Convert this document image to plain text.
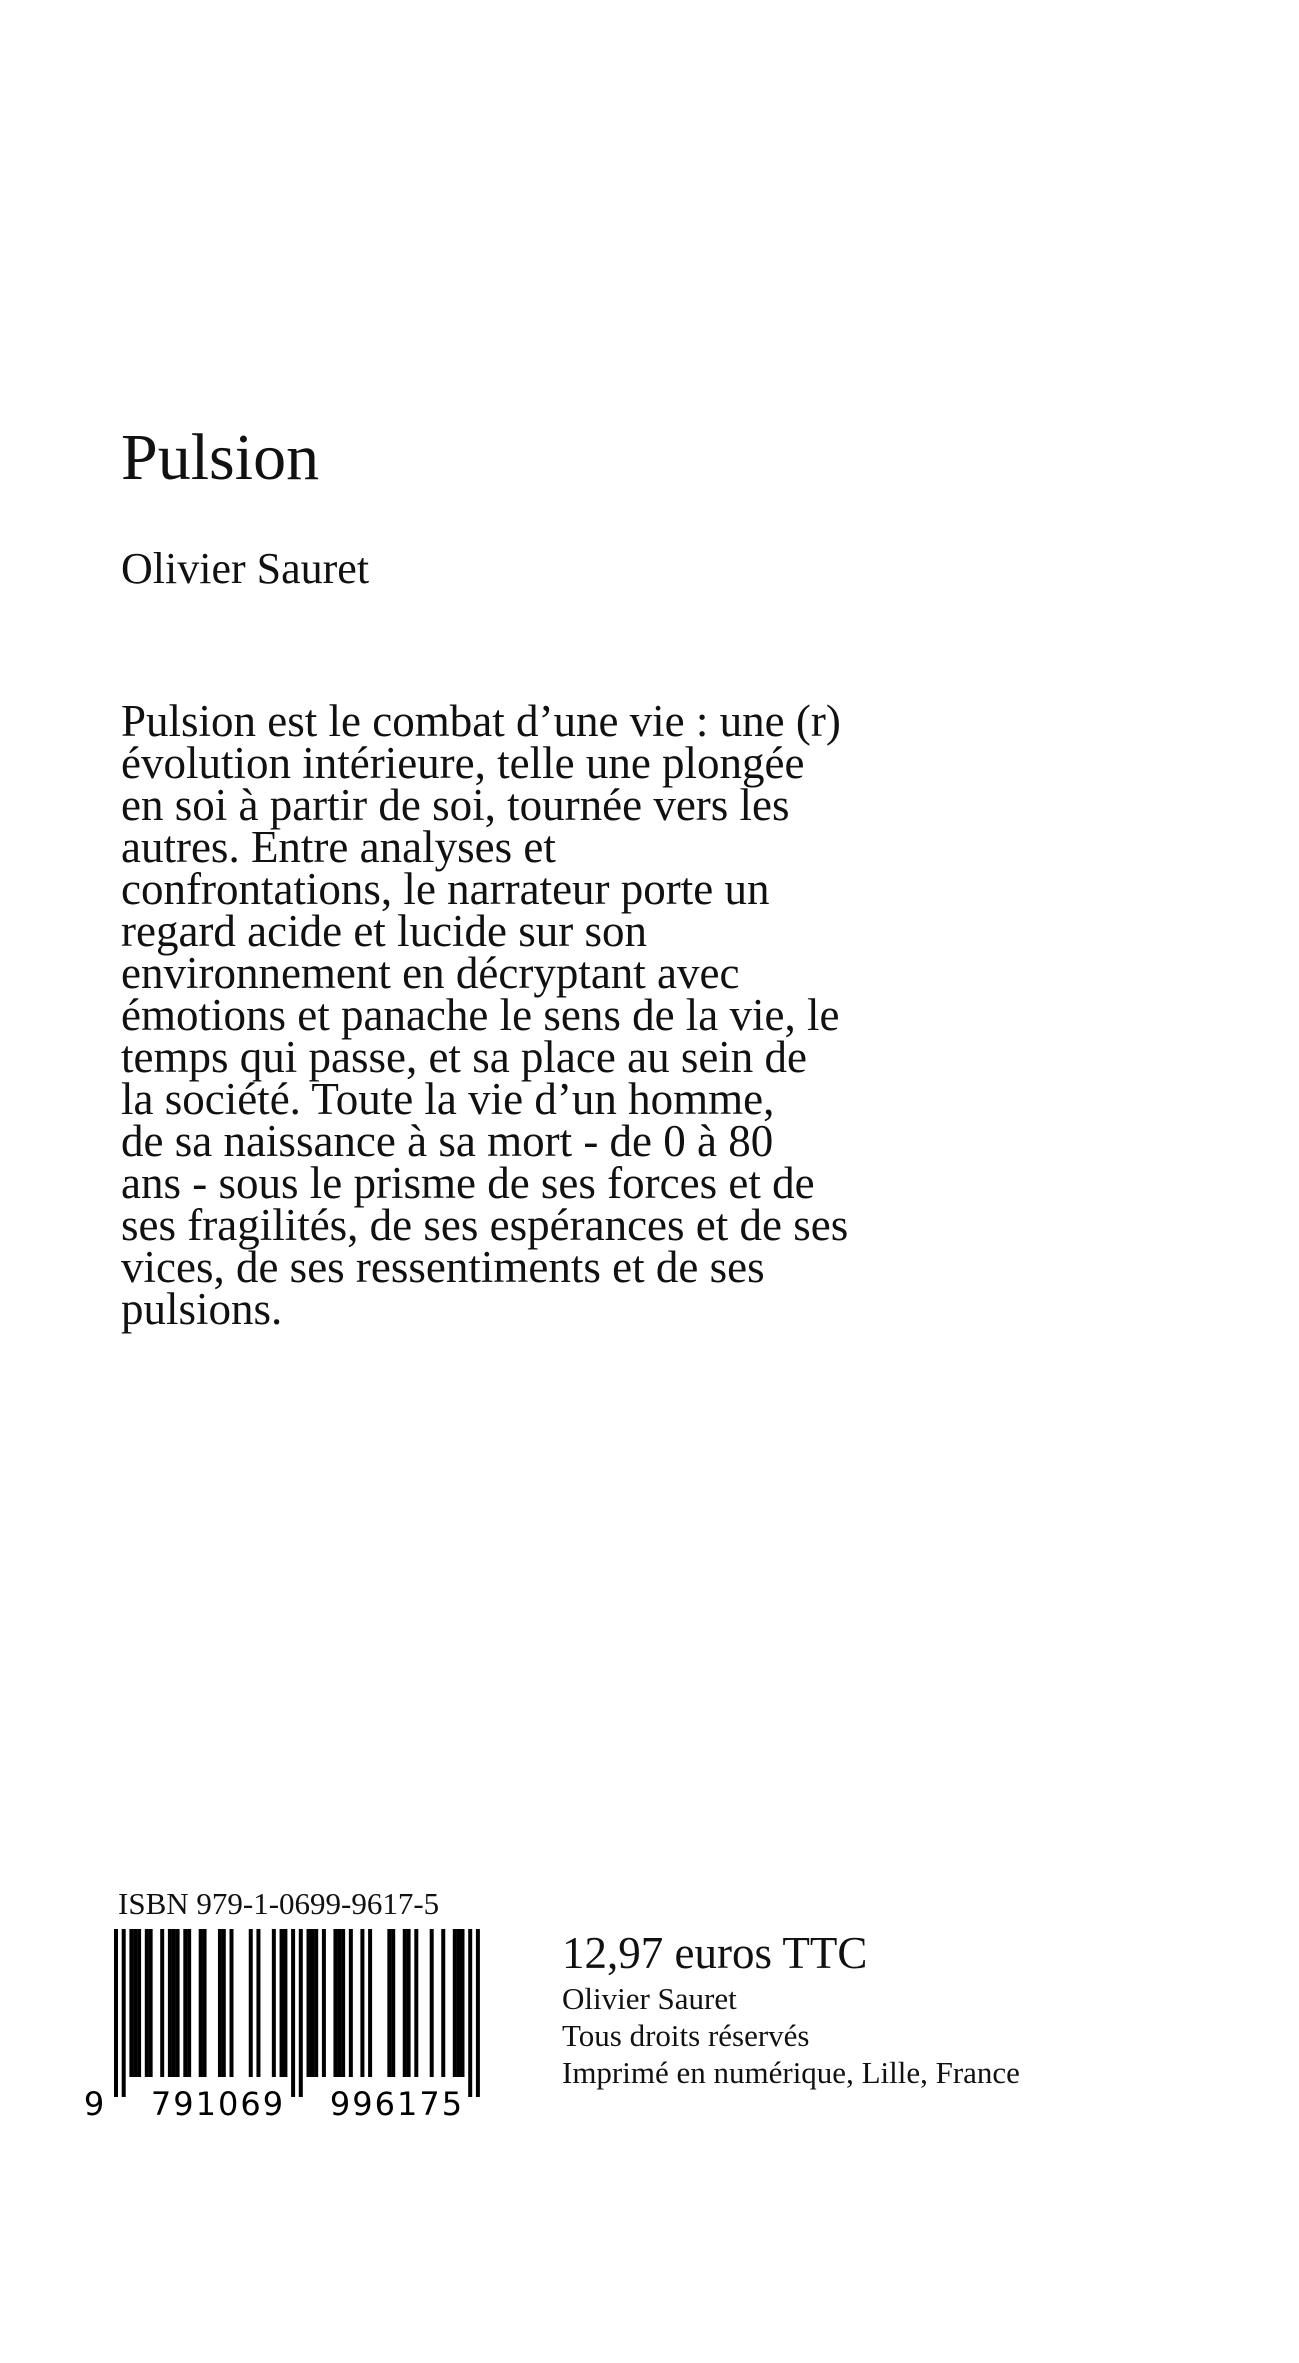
Pulsion

Olivier Sauret

Pulsion est le combat d’une vie : une (r)
évolution intérieure, telle une plongée
en soi à partir de soi, tournée vers les
autres. Entre analyses et
confrontations, le narrateur porte un
regard acide et lucide sur son
environnement en décryptant avec
émotions et panache le sens de la vie, le
temps qui passe, et sa place au sein de
la société. Toute la vie d’un homme,
de sa naissance à sa mort - de 0 à 80
ans - sous le prisme de ses forces et de
ses fragilités, de ses espérances et de ses
vices, de ses ressentiments et de ses
pulsions.

ISBN 979-1-0699-9617-5
9 791069 996175
12,97 euros TTC
Olivier Sauret
Tous droits réservés
Imprimé en numérique, Lille, France
